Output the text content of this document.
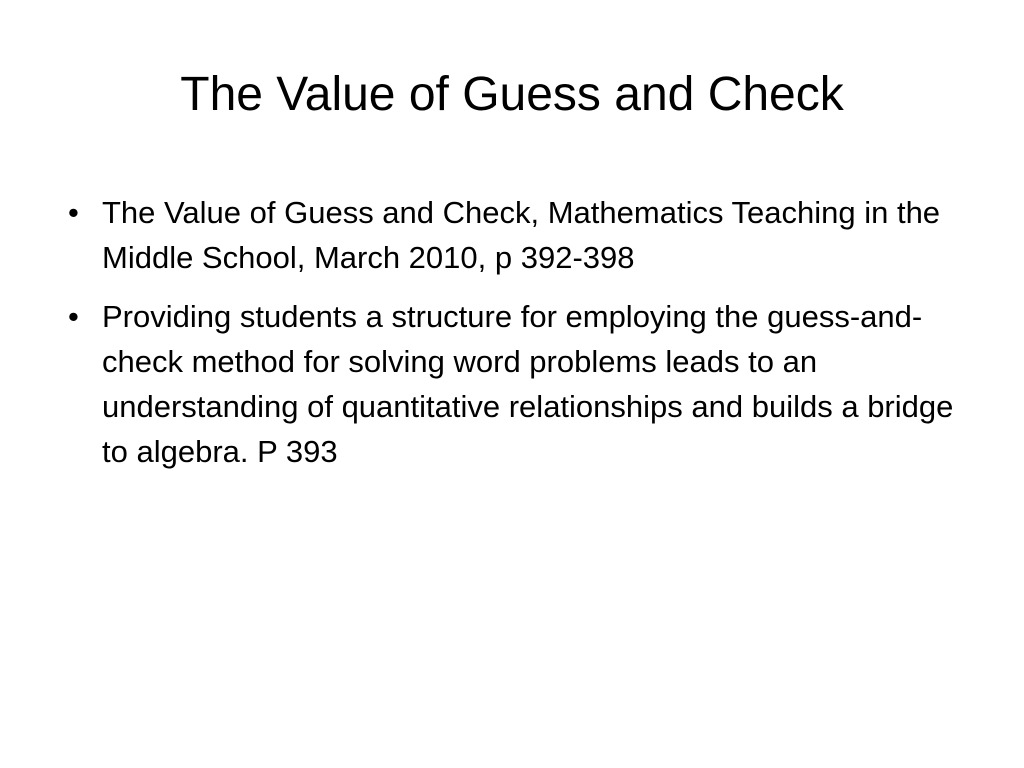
The Value of Guess and Check
• The Value of Guess and Check, Mathematics Teaching in the Middle School, March 2010, p 392-398
• Providing students a structure for employing the guess-and-check method for solving word problems leads to an understanding of quantitative relationships and builds a bridge to algebra. P 393
